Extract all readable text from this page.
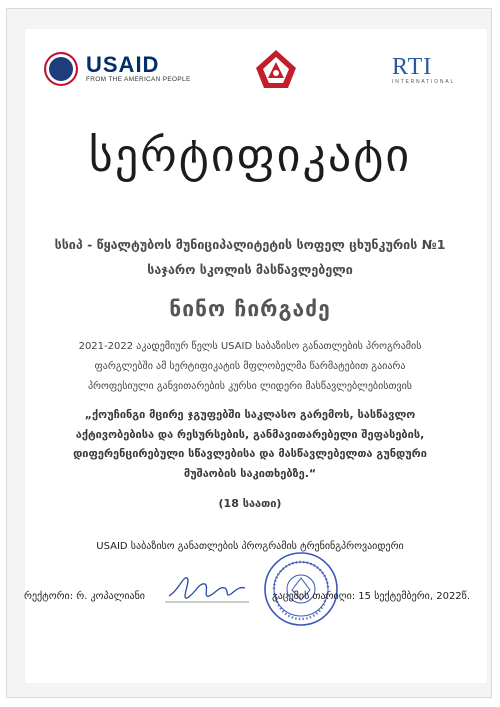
USAID
FROM THE AMERICAN PEOPLE	RTI
INTERNATIONAL
სერტიფიკატი
სსიპ - წყალტუბოს მუნიციპალიტეტის სოფელ ცხუნკურის №1
საჯარო სკოლის მასწავლებელი
ნინო ჩირგაძე
2021-2022 აკადემიურ წელს USAID საბაზისო განათლების პროგრამის
ფარგლებში ამ სერტიფიკატის მფლობელმა წარმატებით გაიარა
პროფესიული განვითარების კურსი ლიდერი მასწავლებლებისთვის
„ქოუჩინგი მცირე ჯგუფებში საკლასო გარემოს, სასწავლო
აქტივობებისა და რესურსების, განმავითარებელი შეფასების,
დიფერენცირებული სწავლებისა და მასწავლებელთა გუნდური
მუშაობის საკითხებზე.“
(18 საათი)
USAID საბაზისო განათლების პროგრამის ტრენინგპროვაიდერი
რექტორი: რ. კოპალიანი	გაცემის თარიღი: 15 სექტემბერი, 2022წ.
